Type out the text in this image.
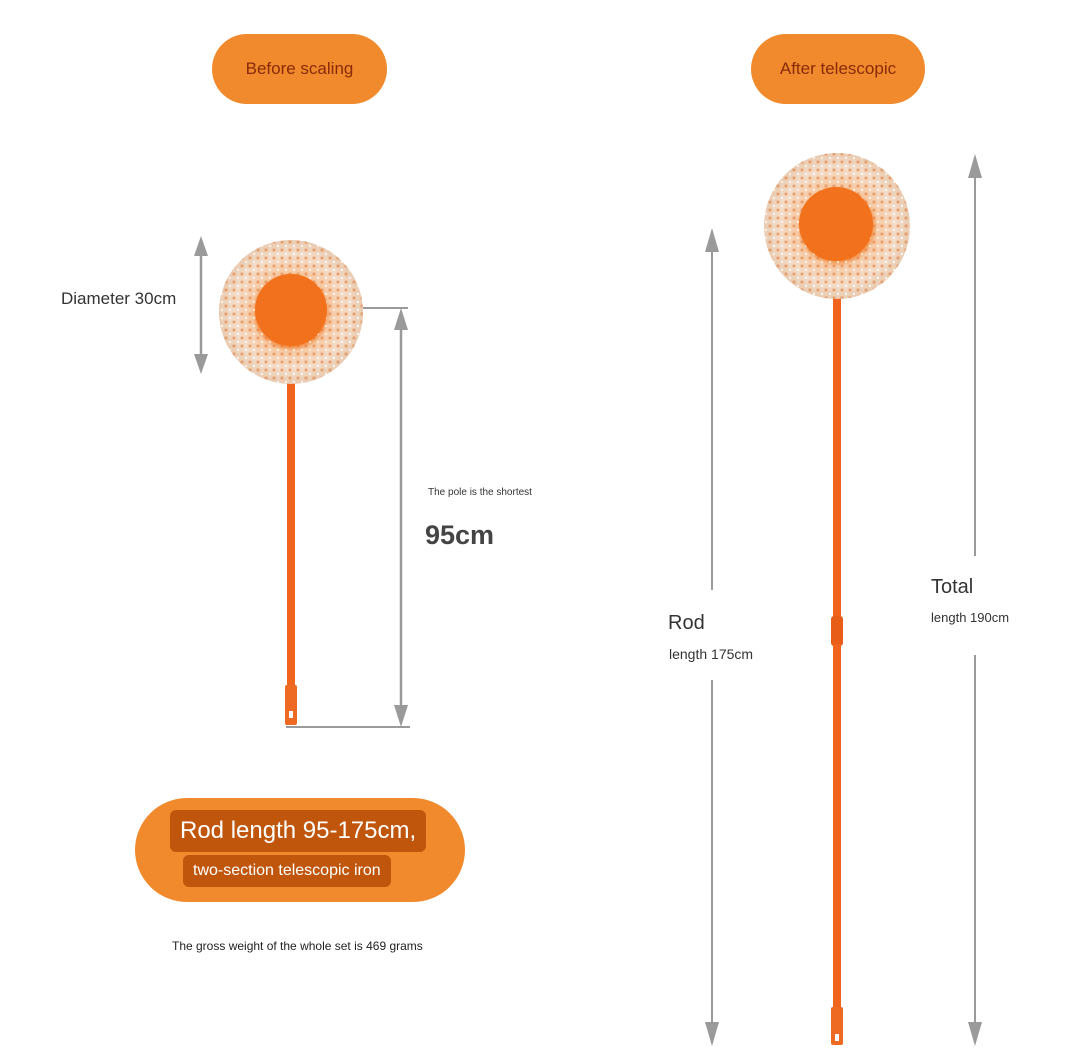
Before scaling	After telescopic
Diameter 30cm
The pole is the shortest
95cm
Rod
length 175cm
Total
length 190cm
Rod length 95-175cm,
two-section telescopic iron
The gross weight of the whole set is 469 grams
